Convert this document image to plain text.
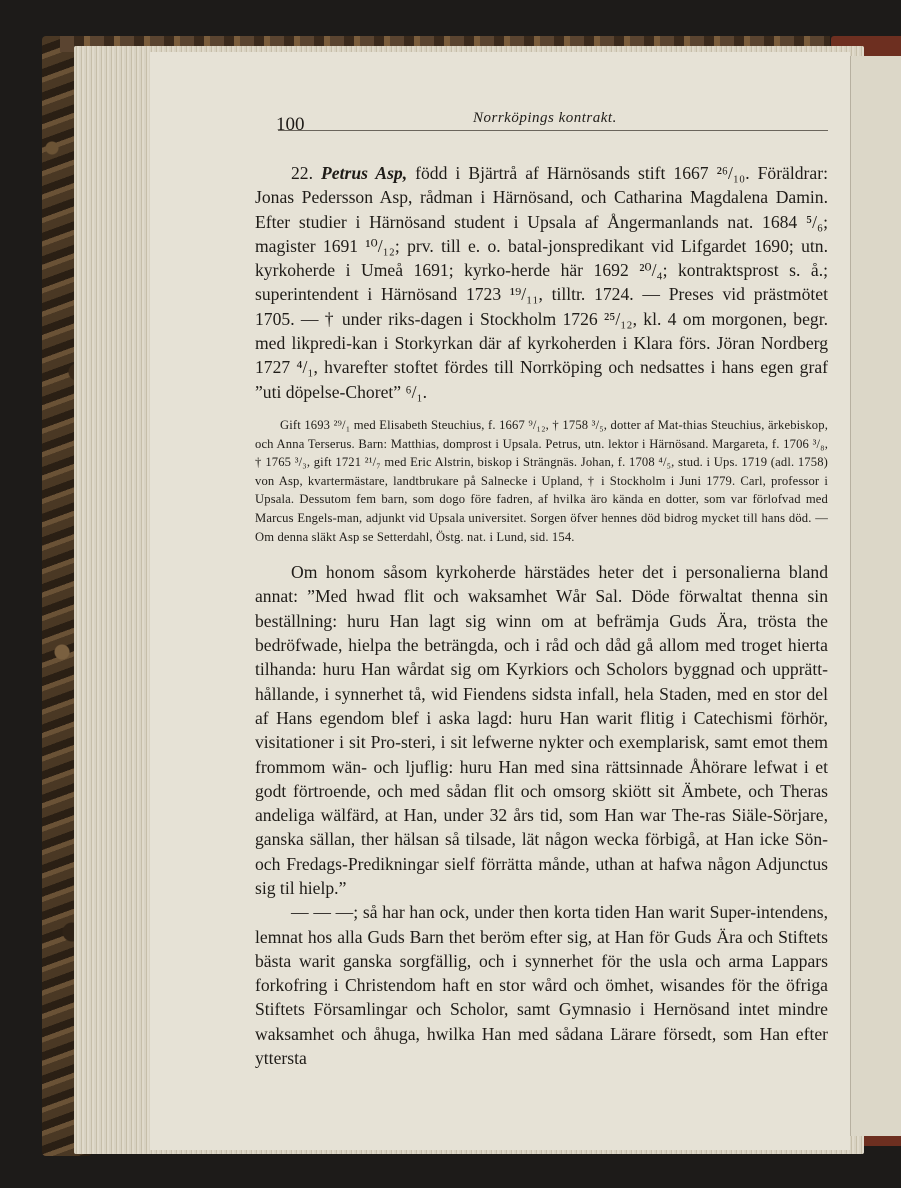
100	Norrköpings kontrakt.

22. Petrus Asp, född i Bjärtrå af Härnösands stift 1667 ²⁶/₁₀. Föräldrar: Jonas Pedersson Asp, rådman i Härnösand, och Catharina Magdalena Damin. Efter studier i Härnösand student i Upsala af Ångermanlands nat. 1684 ⁵/₆; magister 1691 ¹⁰/₁₂; prv. till e. o. batal-jonspredikant vid Lifgardet 1690; utn. kyrkoherde i Umeå 1691; kyrko-herde här 1692 ²⁰/₄; kontraktsprost s. å.; superintendent i Härnösand 1723 ¹⁹/₁₁, tilltr. 1724. — Preses vid prästmötet 1705. — † under riks-dagen i Stockholm 1726 ²⁵/₁₂, kl. 4 om morgonen, begr. med likpredi-kan i Storkyrkan där af kyrkoherden i Klara förs. Jöran Nordberg 1727 ⁴/₁, hvarefter stoftet fördes till Norrköping och nedsattes i hans egen graf ”uti döpelse-Choret” ⁶/₁.

Gift 1693 ²⁹/₁ med Elisabeth Steuchius, f. 1667 ⁹/₁₂, † 1758 ³/₅, dotter af Mat-thias Steuchius, ärkebiskop, och Anna Terserus. Barn: Matthias, domprost i Upsala. Petrus, utn. lektor i Härnösand. Margareta, f. 1706 ³/₈, † 1765 ³/₃, gift 1721 ²¹/₇ med Eric Alstrin, biskop i Strängnäs. Johan, f. 1708 ⁴/₅, stud. i Ups. 1719 (adl. 1758) von Asp, kvartermästare, landtbrukare på Salnecke i Upland, † i Stockholm i Juni 1779. Carl, professor i Upsala. Dessutom fem barn, som dogo före fadren, af hvilka äro kända en dotter, som var förlofvad med Marcus Engels-man, adjunkt vid Upsala universitet. Sorgen öfver hennes död bidrog mycket till hans död. — Om denna släkt Asp se Setterdahl, Östg. nat. i Lund, sid. 154.

Om honom såsom kyrkoherde härstädes heter det i personalierna bland annat: ”Med hwad flit och waksamhet Wår Sal. Döde förwaltat thenna sin beställning: huru Han lagt sig winn om at befrämja Guds Ära, trösta the bedröfwade, hielpa the beträngda, och i råd och dåd gå allom med troget hierta tilhanda: huru Han wårdat sig om Kyrkiors och Scholors byggnad och upprätt-hållande, i synnerhet tå, wid Fiendens sidsta infall, hela Staden, med en stor del af Hans egendom blef i aska lagd: huru Han warit flitig i Catechismi förhör, visitationer i sit Pro-steri, i sit lefwerne nykter och exemplarisk, samt emot them frommom wän- och ljuflig: huru Han med sina rättsinnade Åhörare lefwat i et godt förtroende, och med sådan flit och omsorg skiött sit Ämbete, och Theras andeliga wälfärd, at Han, under 32 års tid, som Han war The-ras Siäle-Sörjare, ganska sällan, ther hälsan så tilsade, lät någon wecka förbigå, at Han icke Sön- och Fredags-Predikningar sielf förrätta månde, uthan at hafwa någon Adjunctus sig til hielp.”

— — —; så har han ock, under then korta tiden Han warit Super-intendens, lemnat hos alla Guds Barn thet beröm efter sig, at Han för Guds Ära och Stiftets bästa warit ganska sorgfällig, och i synnerhet för the usla och arma Lappars forkofring i Christendom haft en stor wård och ömhet, wisandes för the öfriga Stiftets Församlingar och Scholor, samt Gymnasio i Hernösand intet mindre waksamhet och åhuga, hwilka Han med sådana Lärare försedt, som Han efter yttersta
